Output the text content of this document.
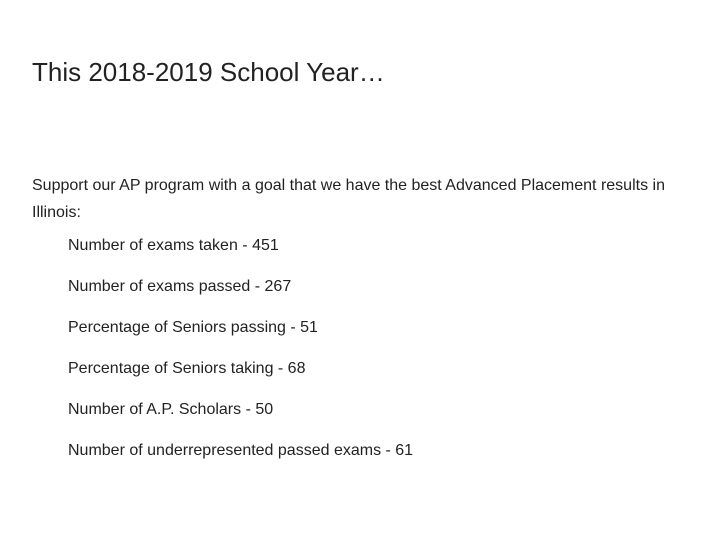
This 2018-2019 School Year…

Support our AP program with a goal that we have the best Advanced Placement results in Illinois:

Number of exams taken - 451
Number of exams passed - 267
Percentage of Seniors passing - 51
Percentage of Seniors taking - 68
Number of A.P. Scholars - 50
Number of underrepresented passed exams - 61
